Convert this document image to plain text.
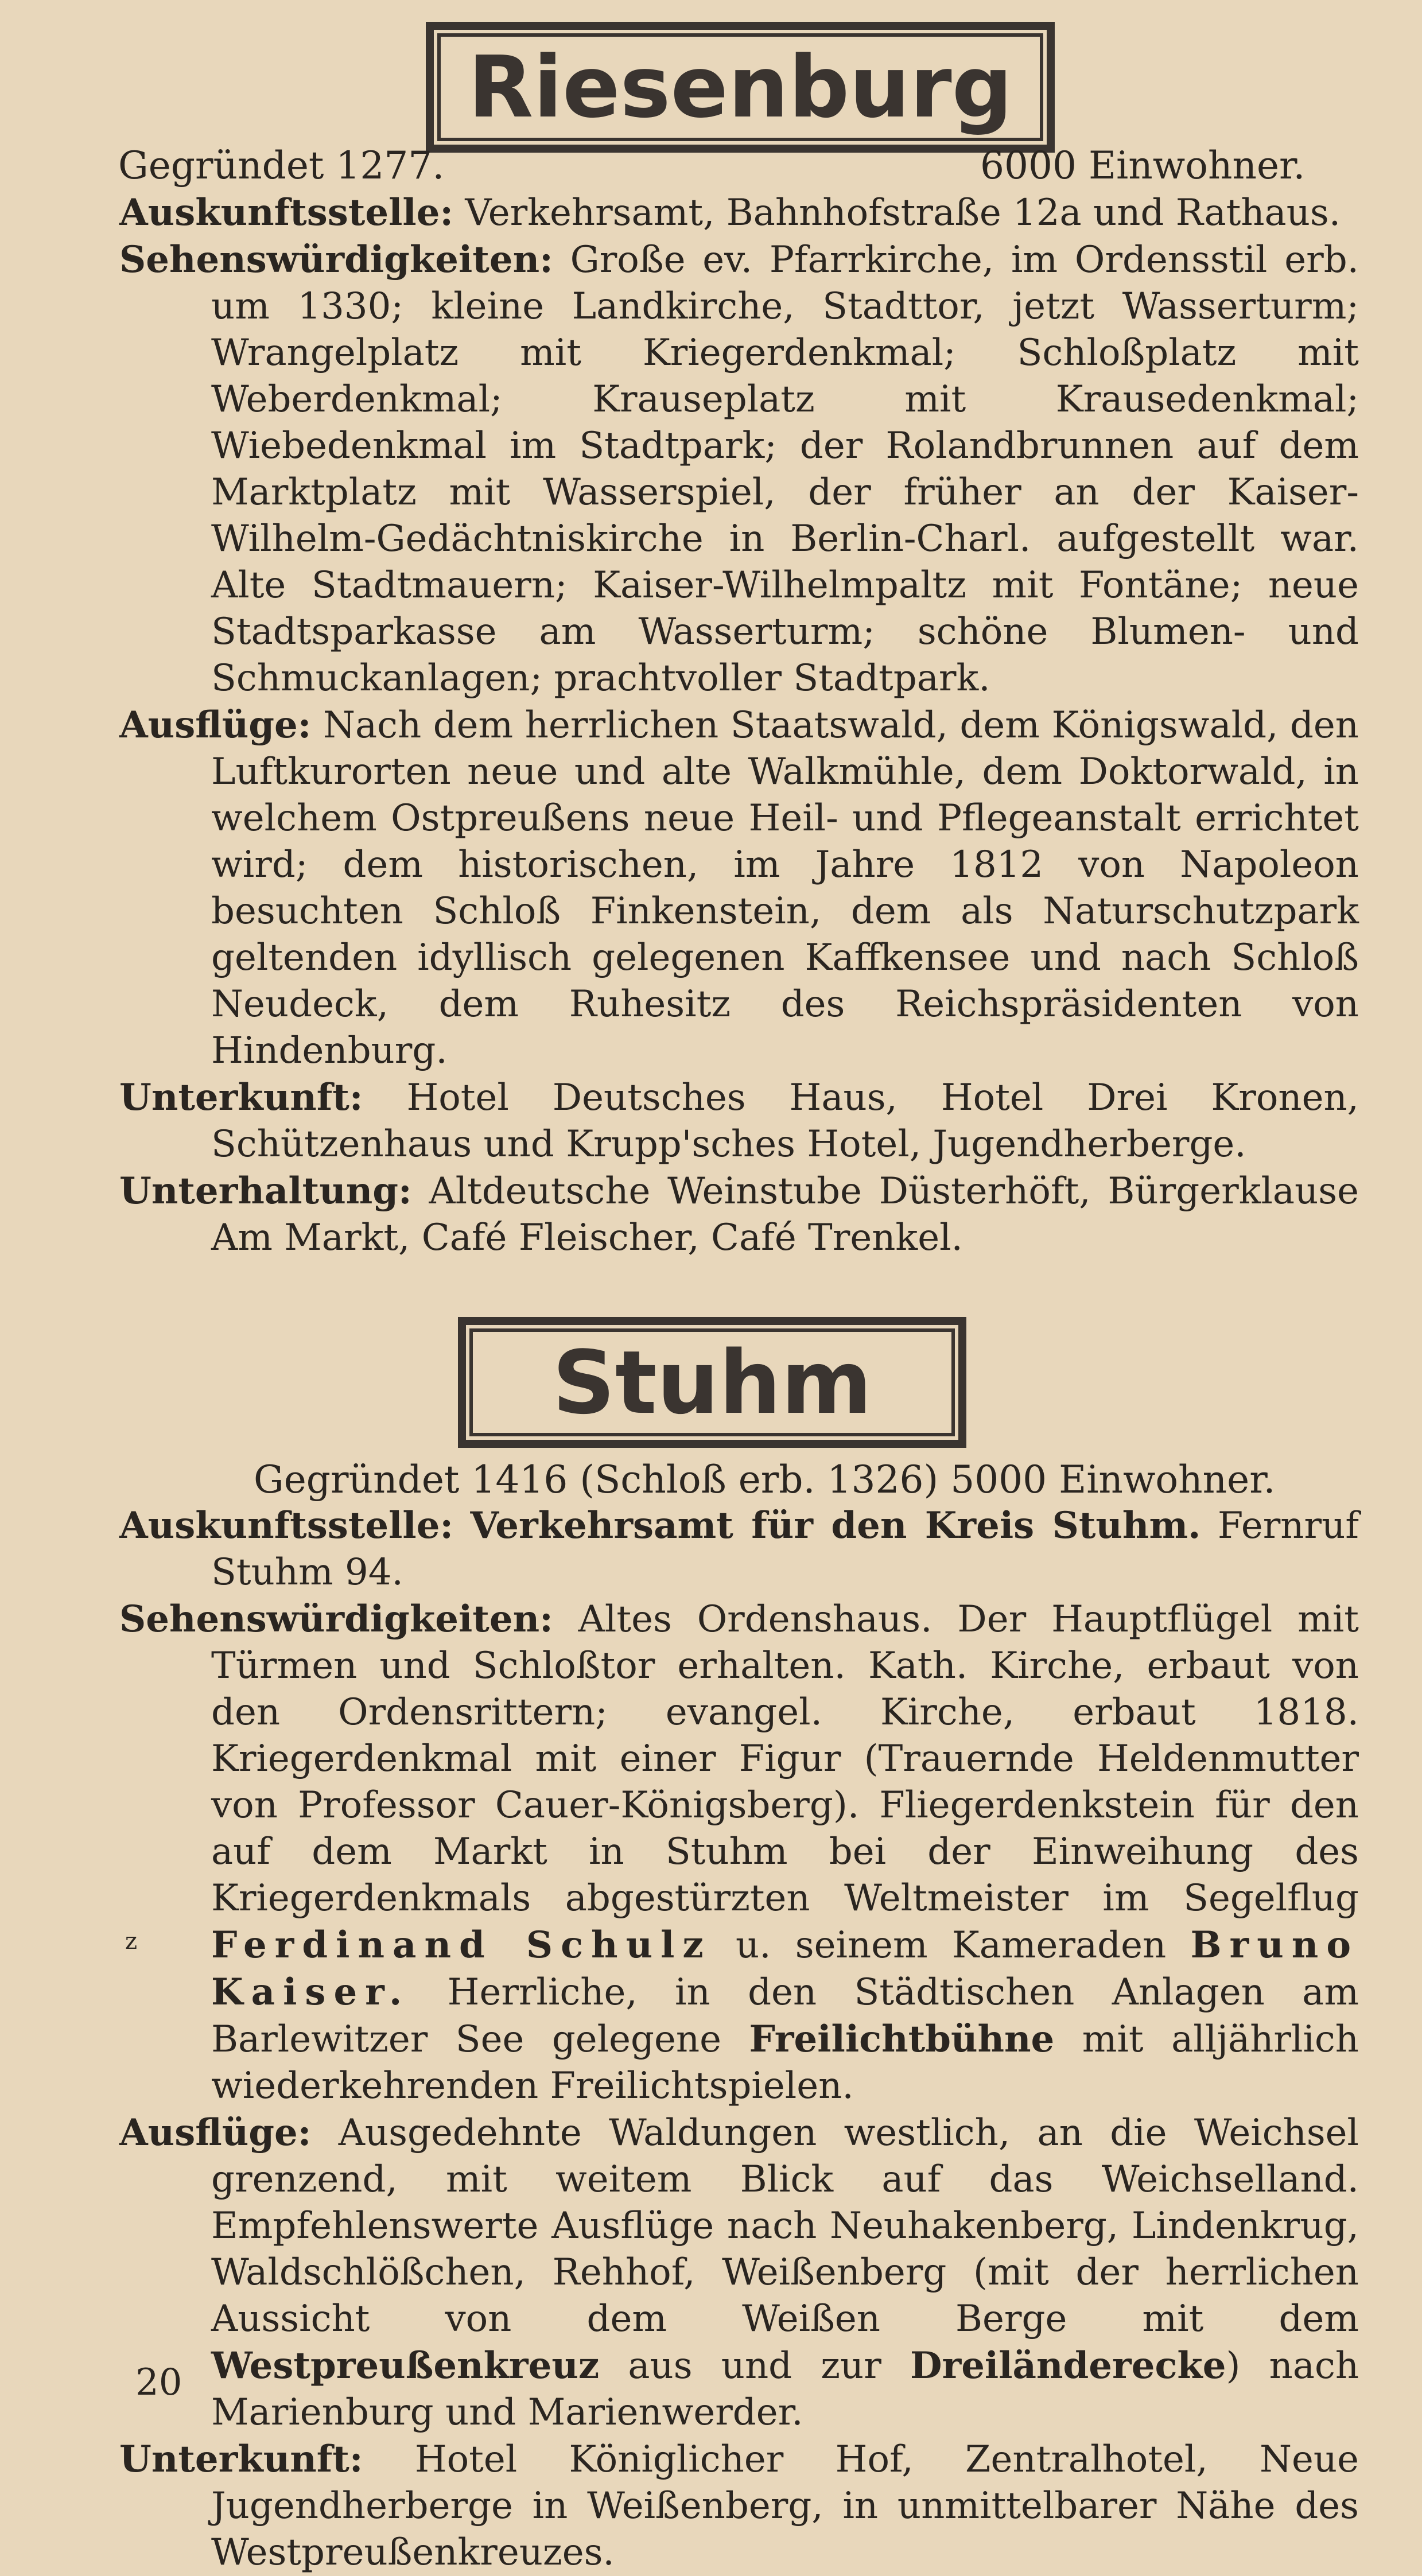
Riesenburg
Gegründet 1277.	6000 Einwohner.

Auskunftsstelle: Verkehrsamt, Bahnhofstraße 12a und Rathaus.

Sehenswürdigkeiten: Große ev. Pfarrkirche, im Ordensstil erb. um 1330; kleine Landkirche, Stadttor, jetzt Wasserturm; Wrangelplatz mit Kriegerdenkmal; Schloßplatz mit Weberdenkmal; Krauseplatz mit Krausedenkmal; Wiebedenkmal im Stadtpark; der Rolandbrunnen auf dem Marktplatz mit Wasserspiel, der früher an der Kaiser-Wilhelm-Gedächtniskirche in Berlin-Charl. aufgestellt war. Alte Stadtmauern; Kaiser-Wilhelmpaltz mit Fontäne; neue Stadtsparkasse am Wasserturm; schöne Blumen- und Schmuckanlagen; prachtvoller Stadtpark.

Ausflüge: Nach dem herrlichen Staatswald, dem Königswald, den Luftkurorten neue und alte Walkmühle, dem Doktorwald, in welchem Ostpreußens neue Heil- und Pflegeanstalt errichtet wird; dem historischen, im Jahre 1812 von Napoleon besuchten Schloß Finkenstein, dem als Naturschutzpark geltenden idyllisch gelegenen Kaffkensee und nach Schloß Neudeck, dem Ruhesitz des Reichspräsidenten von Hindenburg.

Unterkunft: Hotel Deutsches Haus, Hotel Drei Kronen, Schützenhaus und Krupp'sches Hotel, Jugendherberge.

Unterhaltung: Altdeutsche Weinstube Düsterhöft, Bürgerklause Am Markt, Café Fleischer, Café Trenkel.

Stuhm
Gegründet 1416 (Schloß erb. 1326) 5000 Einwohner.

Auskunftsstelle: Verkehrsamt für den Kreis Stuhm. Fernruf Stuhm 94.

Sehenswürdigkeiten: Altes Ordenshaus. Der Hauptflügel mit Türmen und Schloßtor erhalten. Kath. Kirche, erbaut von den Ordensrittern; evangel. Kirche, erbaut 1818. Kriegerdenkmal mit einer Figur (Trauernde Heldenmutter von Professor Cauer-Königsberg). Fliegerdenkstein für den auf dem Markt in Stuhm bei der Einweihung des Kriegerdenkmals abgestürzten Weltmeister im Segelflug Ferdinand Schulz u. seinem Kameraden Bruno Kaiser. Herrliche, in den Städtischen Anlagen am Barlewitzer See gelegene Freilichtbühne mit alljährlich wiederkehrenden Freilichtspielen.

Ausflüge: Ausgedehnte Waldungen westlich, an die Weichsel grenzend, mit weitem Blick auf das Weichselland. Empfehlenswerte Ausflüge nach Neuhakenberg, Lindenkrug, Waldschlößchen, Rehhof, Weißenberg (mit der herrlichen Aussicht von dem Weißen Berge mit dem Westpreußenkreuz aus und zur Dreiländerecke) nach Marienburg und Marienwerder.

Unterkunft: Hotel Königlicher Hof, Zentralhotel, Neue Jugendherberge in Weißenberg, in unmittelbarer Nähe des Westpreußenkreuzes.

z
20
